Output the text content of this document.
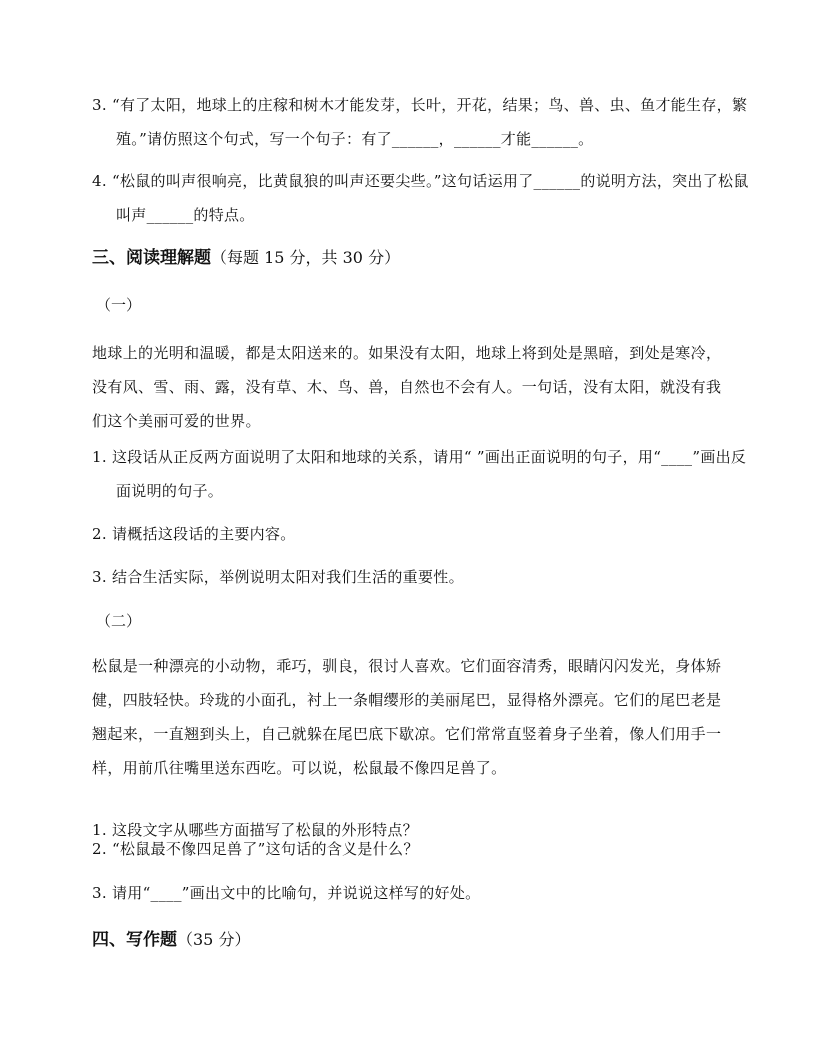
3. “有了太阳，地球上的庄稼和树木才能发芽，长叶，开花，结果；鸟、兽、虫、鱼才能生存，繁殖。”请仿照这个句式，写一个句子：有了______，______才能______。

4. “松鼠的叫声很响亮，比黄鼠狼的叫声还要尖些。”这句话运用了______的说明方法，突出了松鼠叫声______的特点。

三、阅读理解题（每题 15 分，共 30 分）
（一）

地球上的光明和温暖，都是太阳送来的。如果没有太阳，地球上将到处是黑暗，到处是寒冷，没有风、雪、雨、露，没有草、木、鸟、兽，自然也不会有人。一句话，没有太阳，就没有我们这个美丽可爱的世界。

1. 这段话从正反两方面说明了太阳和地球的关系，请用“ ”画出正面说明的句子，用“____”画出反面说明的句子。

2. 请概括这段话的主要内容。

3. 结合生活实际，举例说明太阳对我们生活的重要性。

（二）

松鼠是一种漂亮的小动物，乖巧，驯良，很讨人喜欢。它们面容清秀，眼睛闪闪发光，身体矫健，四肢轻快。玲珑的小面孔，衬上一条帽缨形的美丽尾巴，显得格外漂亮。它们的尾巴老是翘起来，一直翘到头上，自己就躲在尾巴底下歇凉。它们常常直竖着身子坐着，像人们用手一样，用前爪往嘴里送东西吃。可以说，松鼠最不像四足兽了。

1. 这段文字从哪些方面描写了松鼠的外形特点？

2. “松鼠最不像四足兽了”这句话的含义是什么？

3. 请用“____”画出文中的比喻句，并说说这样写的好处。

四、写作题（35 分）
